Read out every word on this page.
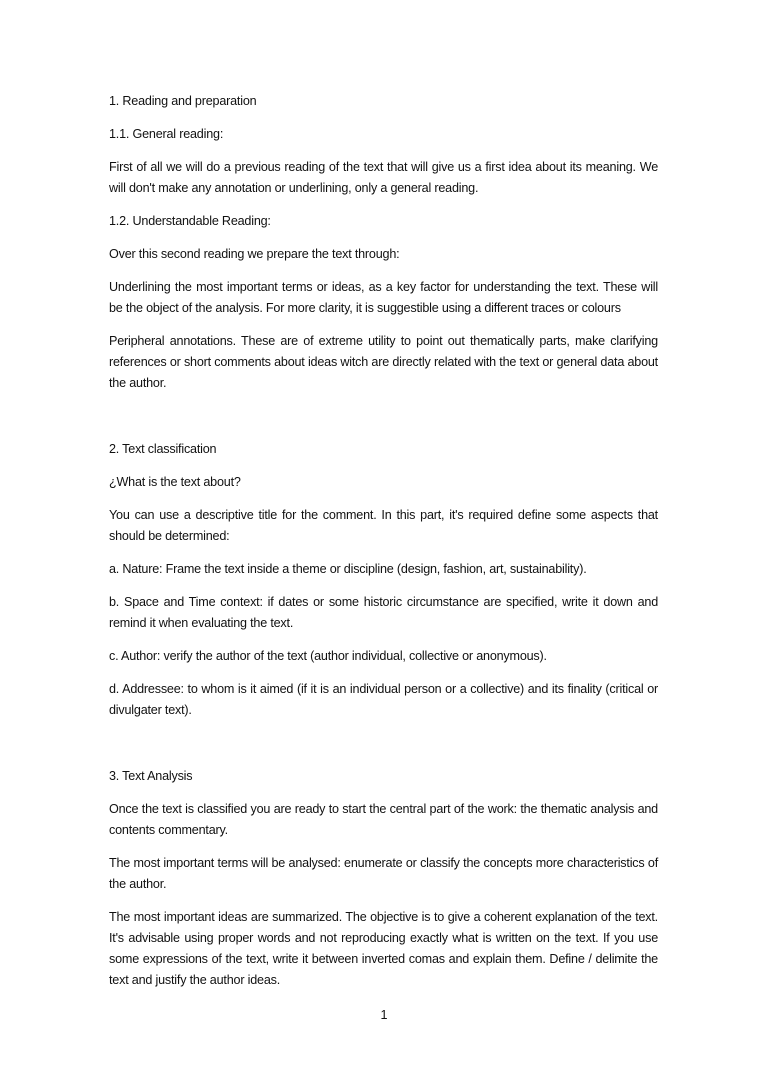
1. Reading and preparation

1.1. General reading:

First of all we will do a previous reading of the text that will give us a first idea about its meaning. We will don't make any annotation or underlining, only a general reading.

1.2. Understandable Reading:

Over this second reading we prepare the text through:

Underlining the most important terms or ideas, as a key factor for understanding the text. These will be the object of the analysis. For more clarity, it is suggestible using a different traces or colours

Peripheral annotations. These are of extreme utility to point out thematically parts, make clarifying references or short comments about ideas witch are directly related with the text or general data about the author.

2. Text classification

¿What is the text about?

You can use a descriptive title for the comment. In this part, it's required define some aspects that should be determined:

a. Nature: Frame the text inside a theme or discipline (design, fashion, art, sustainability).

b. Space and Time context: if dates or some historic circumstance are specified, write it down and remind it when evaluating the text.

c. Author: verify the author of the text (author individual, collective or anonymous).

d. Addressee: to whom is it aimed (if it is an individual person or a collective) and its finality (critical or divulgater text).

3. Text Analysis

Once the text is classified you are ready to start the central part of the work: the thematic analysis and contents commentary.

The most important terms will be analysed: enumerate or classify the concepts more characteristics of the author.

The most important ideas are summarized. The objective is to give a coherent explanation of the text. It's advisable using proper words and not reproducing exactly what is written on the text. If you use some expressions of the text, write it between inverted comas and explain them. Define / delimite the text and justify the author ideas.

1
